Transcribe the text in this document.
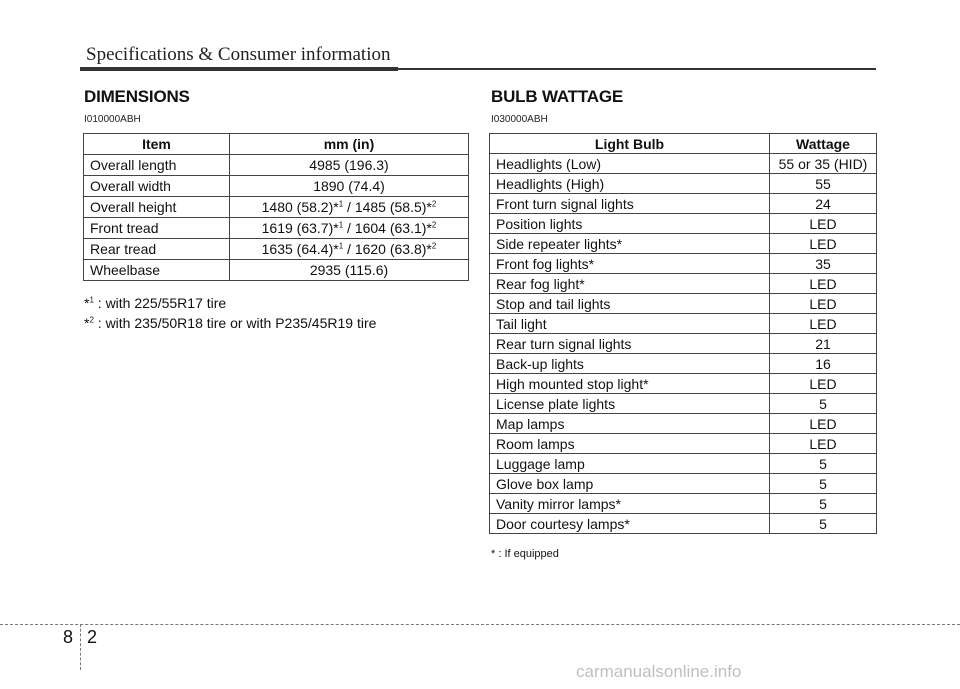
Specifications & Consumer information
DIMENSIONS
I010000ABH
Item	mm (in)
Overall length	4985 (196.3)
Overall width	1890 (74.4)
Overall height	1480 (58.2)*$^1$ / 1485 (58.5)*$^2$
Front tread	1619 (63.7)*$^1$ / 1604 (63.1)*$^2$
Rear tread	1635 (64.4)*$^1$ / 1620 (63.8)*$^2$
Wheelbase	2935 (115.6)
*$^1$ : with 225/55R17 tire
*$^2$ : with 235/50R18 tire or with P235/45R19 tire
BULB WATTAGE
I030000ABH
Light Bulb	Wattage
Headlights (Low)	55 or 35 (HID)
Headlights (High)	55
Front turn signal lights	24
Position lights	LED
Side repeater lights*	LED
Front fog lights*	35
Rear fog light*	LED
Stop and tail lights	LED
Tail light	LED
Rear turn signal lights	21
Back-up lights	16
High mounted stop light*	LED
License plate lights	5
Map lamps	LED
Room lamps	LED
Luggage lamp	5
Glove box lamp	5
Vanity mirror lamps*	5
Door courtesy lamps*	5
* : If equipped
8 2
carmanualsonline.info
